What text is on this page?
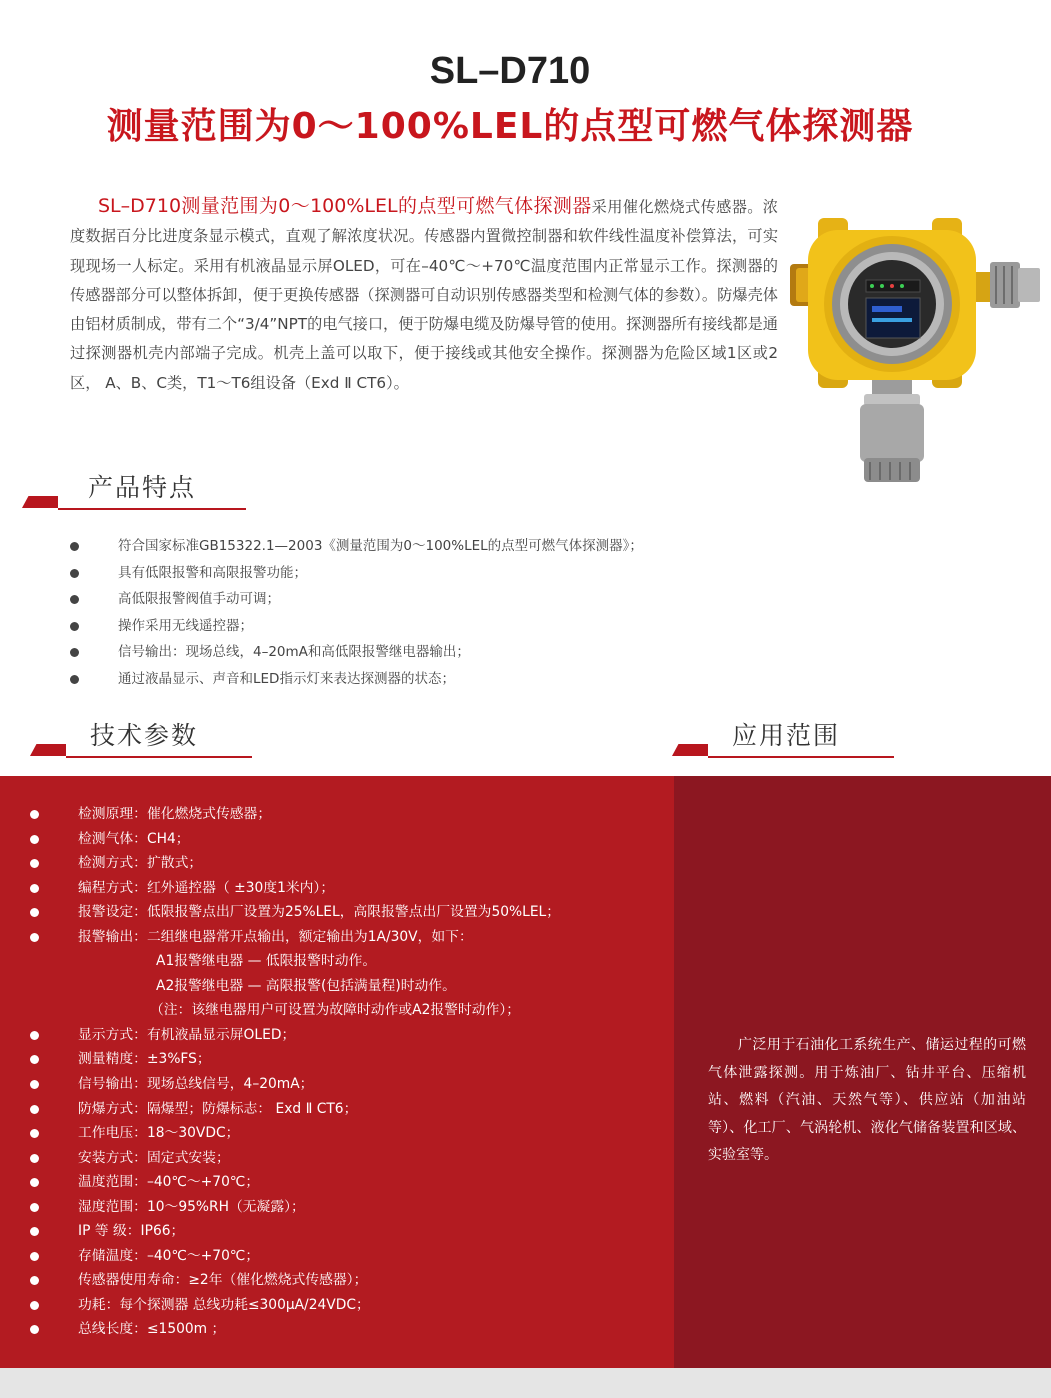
SL–D710
测量范围为0～100%LEL的点型可燃气体探测器

SL–D710测量范围为0～100%LEL的点型可燃气体探测器采用催化燃烧式传感器。浓度数据百分比进度条显示模式，直观了解浓度状况。传感器内置微控制器和软件线性温度补偿算法，可实现现场一人标定。采用有机液晶显示屏OLED，可在–40℃～+70℃温度范围内正常显示工作。探测器的传感器部分可以整体拆卸，便于更换传感器（探测器可自动识别传感器类型和检测气体的参数）。防爆壳体由铝材质制成，带有二个“3/4”NPT的电气接口，便于防爆电缆及防爆导管的使用。探测器所有接线都是通过探测器机壳内部端子完成。机壳上盖可以取下，便于接线或其他安全操作。探测器为危险区域1区或2区， A、B、C类，T1～T6组设备（Exd Ⅱ CT6）。

产品特点
符合国家标准GB15322.1—2003《测量范围为0～100%LEL的点型可燃气体探测器》；
具有低限报警和高限报警功能；
高低限报警阀值手动可调；
操作采用无线遥控器；
信号输出：现场总线，4–20mA和高低限报警继电器输出；
通过液晶显示、声音和LED指示灯来表达探测器的状态；
技术参数	应用范围
检测原理：催化燃烧式传感器；
检测气体：CH4；
检测方式：扩散式；
编程方式：红外遥控器（ ±30度1米内）；
报警设定：低限报警点出厂设置为25%LEL，高限报警点出厂设置为50%LEL；
报警输出：二组继电器常开点输出，额定输出为1A/30V，如下：
A1报警继电器 — 低限报警时动作。
A2报警继电器 — 高限报警(包括满量程)时动作。
（注：该继电器用户可设置为故障时动作或A2报警时动作）；
显示方式：有机液晶显示屏OLED；
测量精度：±3%FS；
信号输出：现场总线信号，4–20mA；
防爆方式：隔爆型；防爆标志： Exd Ⅱ CT6；
工作电压：18～30VDC；
安装方式：固定式安装；
温度范围：–40℃～+70℃；
湿度范围：10～95%RH（无凝露）；
IP 等 级：IP66；
存储温度：–40℃～+70℃；
传感器使用寿命：≥2年（催化燃烧式传感器）；
功耗：每个探测器 总线功耗≤300μA/24VDC；
总线长度：≤1500m ；

广泛用于石油化工系统生产、储运过程的可燃气体泄露探测。用于炼油厂、钻井平台、压缩机站、燃料（汽油、天然气等）、供应站（加油站等）、化工厂、气涡轮机、液化气储备装置和区域、实验室等。
